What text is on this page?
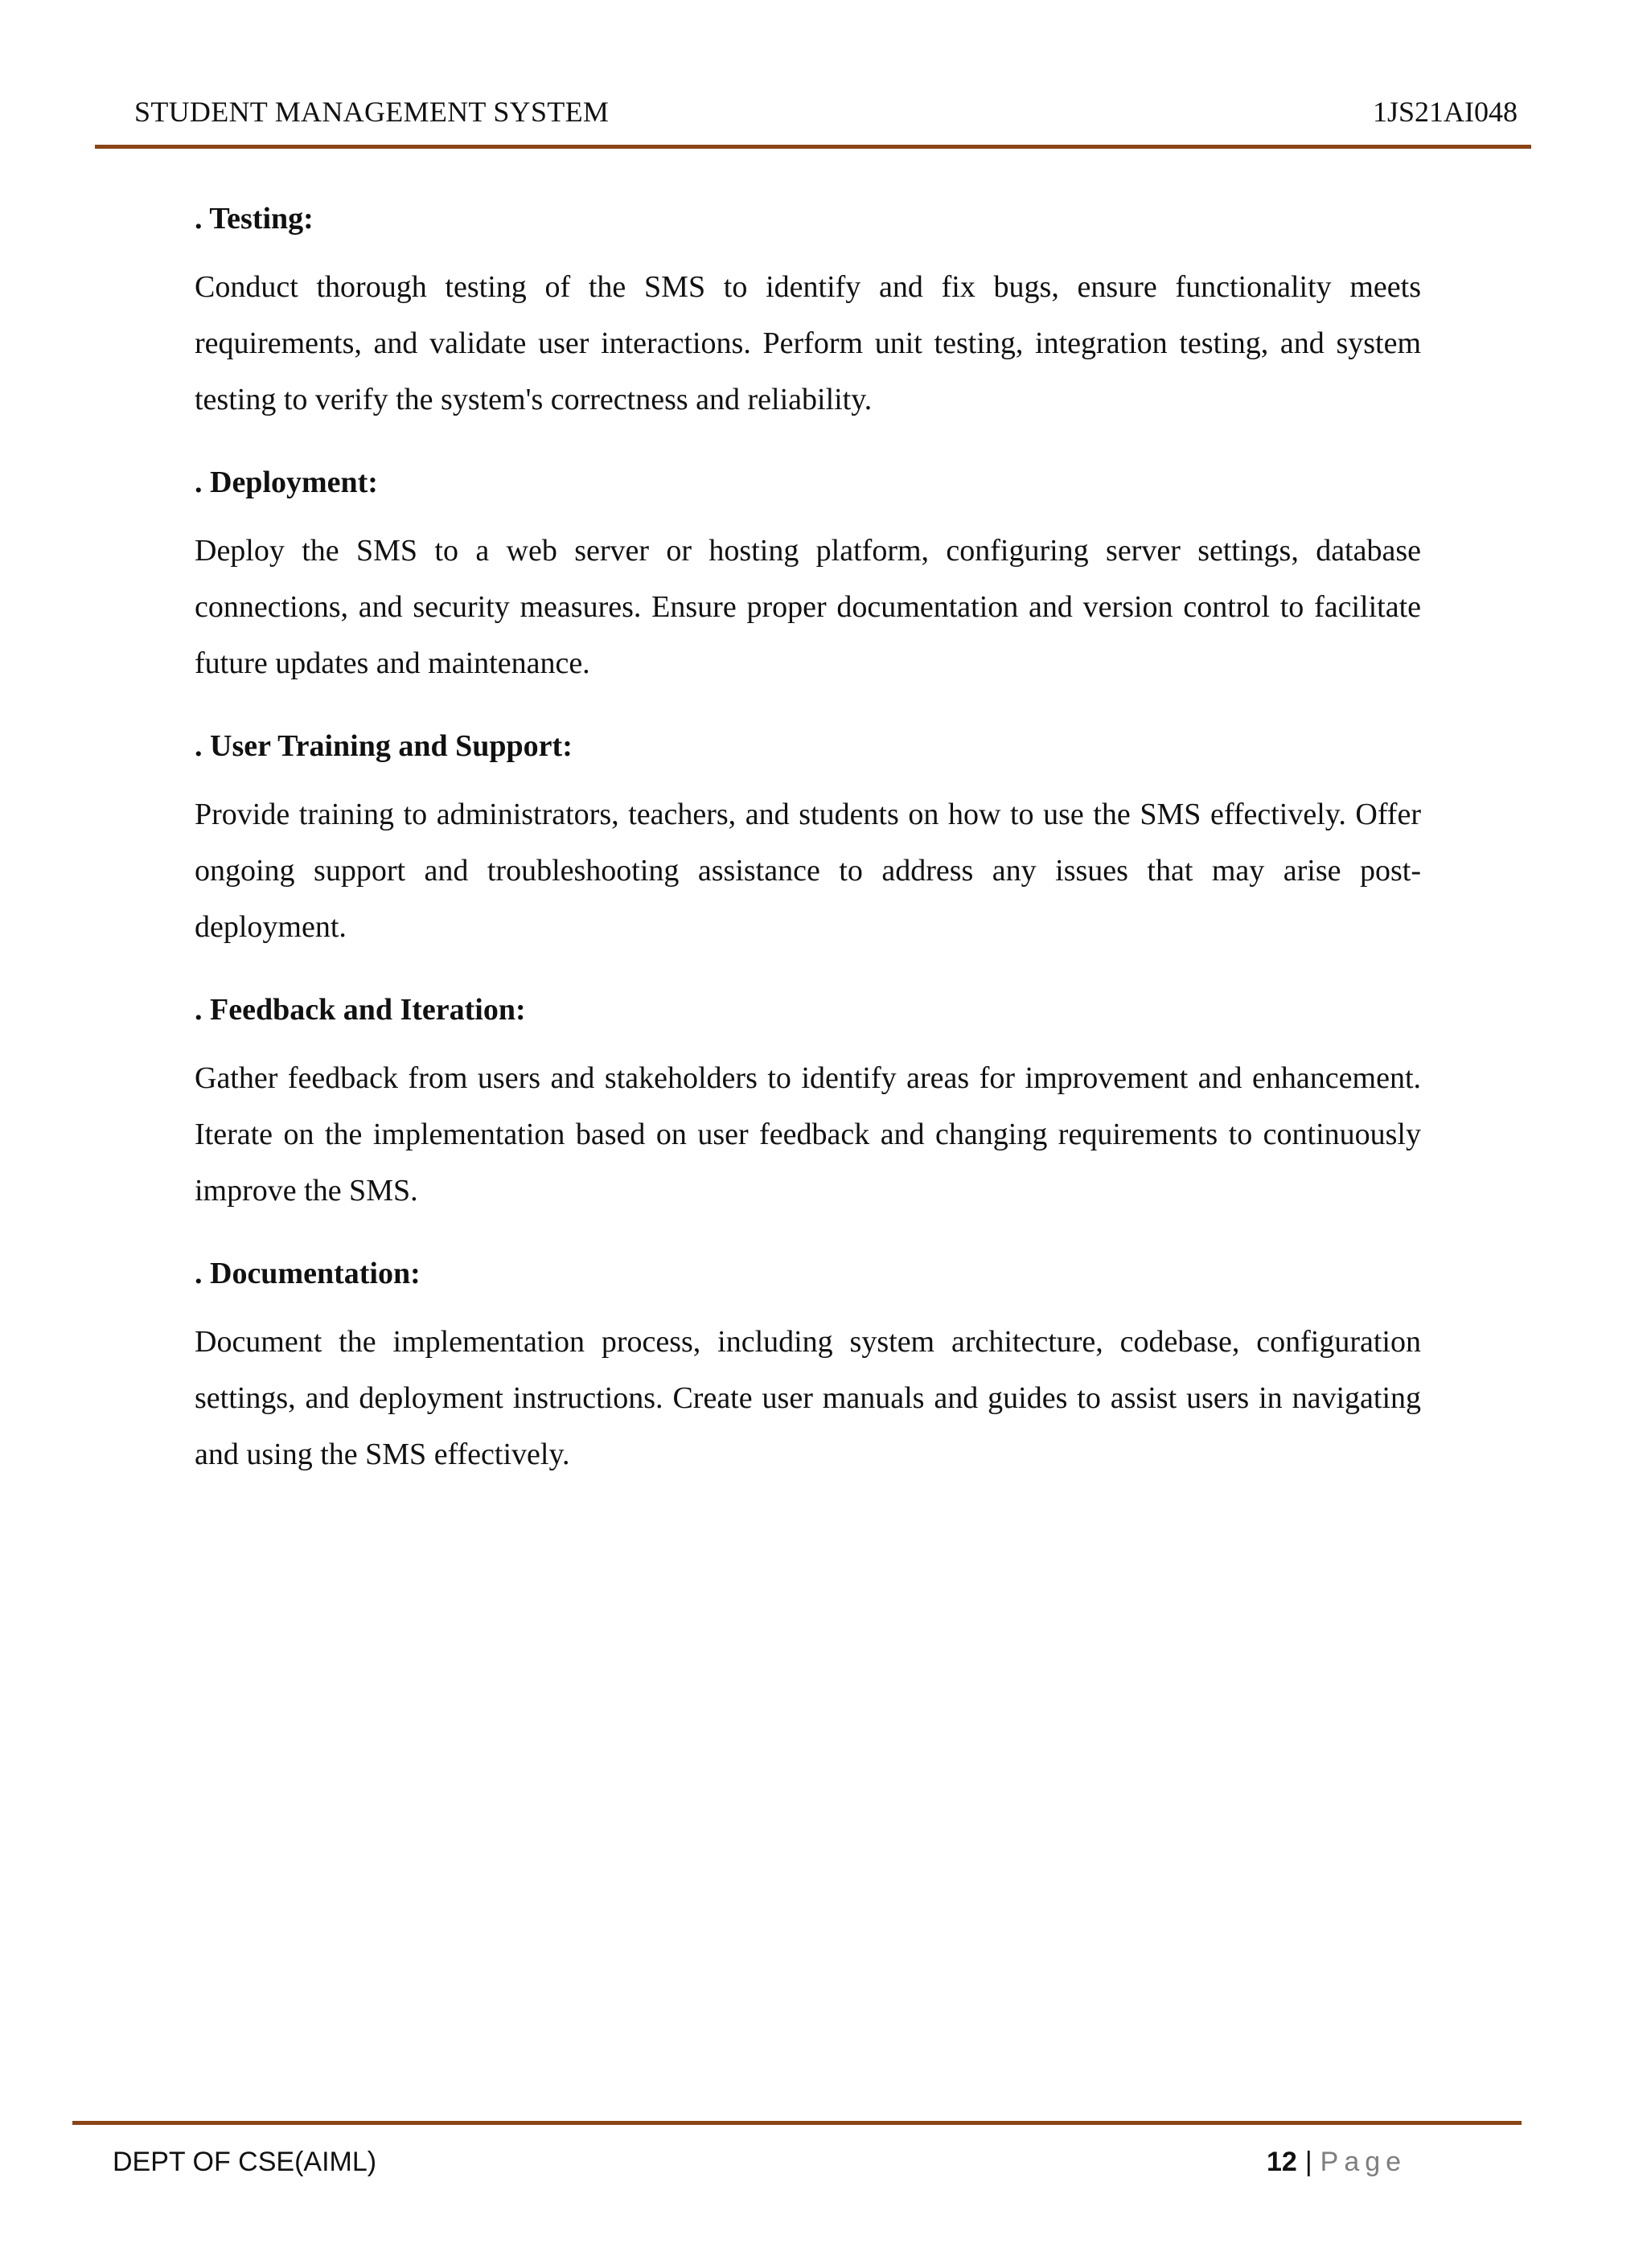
STUDENT MANAGEMENT SYSTEM	1JS21AI048

. Testing:

Conduct thorough testing of the SMS to identify and fix bugs, ensure functionality meets requirements, and validate user interactions. Perform unit testing, integration testing, and system testing to verify the system's correctness and reliability.

. Deployment:

Deploy the SMS to a web server or hosting platform, configuring server settings, database connections, and security measures. Ensure proper documentation and version control to facilitate future updates and maintenance.

. User Training and Support:

Provide training to administrators, teachers, and students on how to use the SMS effectively. Offer ongoing support and troubleshooting assistance to address any issues that may arise post-deployment.

. Feedback and Iteration:

Gather feedback from users and stakeholders to identify areas for improvement and enhancement. Iterate on the implementation based on user feedback and changing requirements to continuously improve the SMS.

. Documentation:

Document the implementation process, including system architecture, codebase, configuration settings, and deployment instructions. Create user manuals and guides to assist users in navigating and using the SMS effectively.

DEPT OF CSE(AIML)	12 | Page
